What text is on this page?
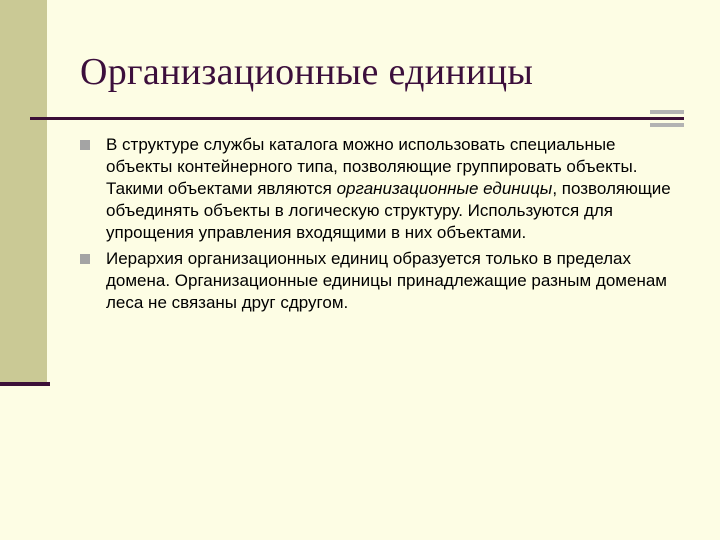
Организационные единицы
В структуре службы каталога можно использовать специальные объекты контейнерного типа, позволяющие группировать объекты. Такими объектами являются организационные единицы, позволяющие объединять объекты в логическую структуру. Используются для упрощения управления входящими в них объектами.
Иерархия организационных единиц образуется только в пределах домена. Организационные единицы принадлежащие разным доменам леса не связаны друг сдругом.
